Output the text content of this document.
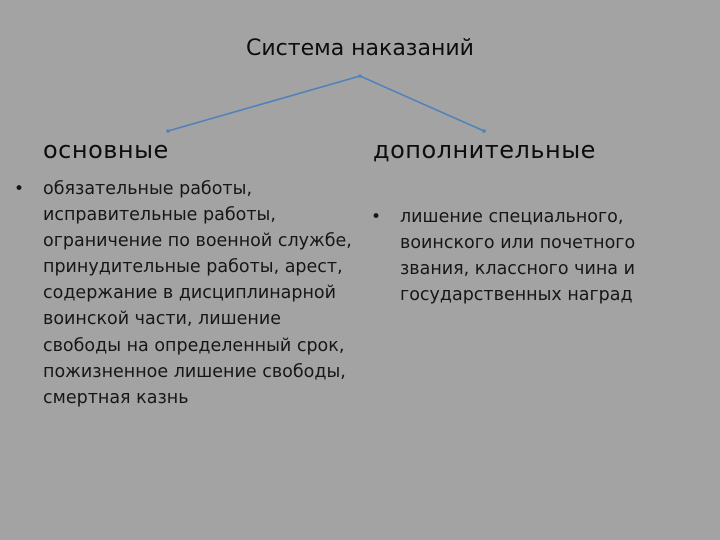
Система наказаний
основные	дополнительные
• обязательные работы, исправительные работы, ограничение по военной службе, принудительные работы, арест, содержание в дисциплинарной воинской части, лишение свободы на определенный срок, пожизненное лишение свободы, смертная казнь
• лишение специального, воинского или почетного звания, классного чина и государственных наград
